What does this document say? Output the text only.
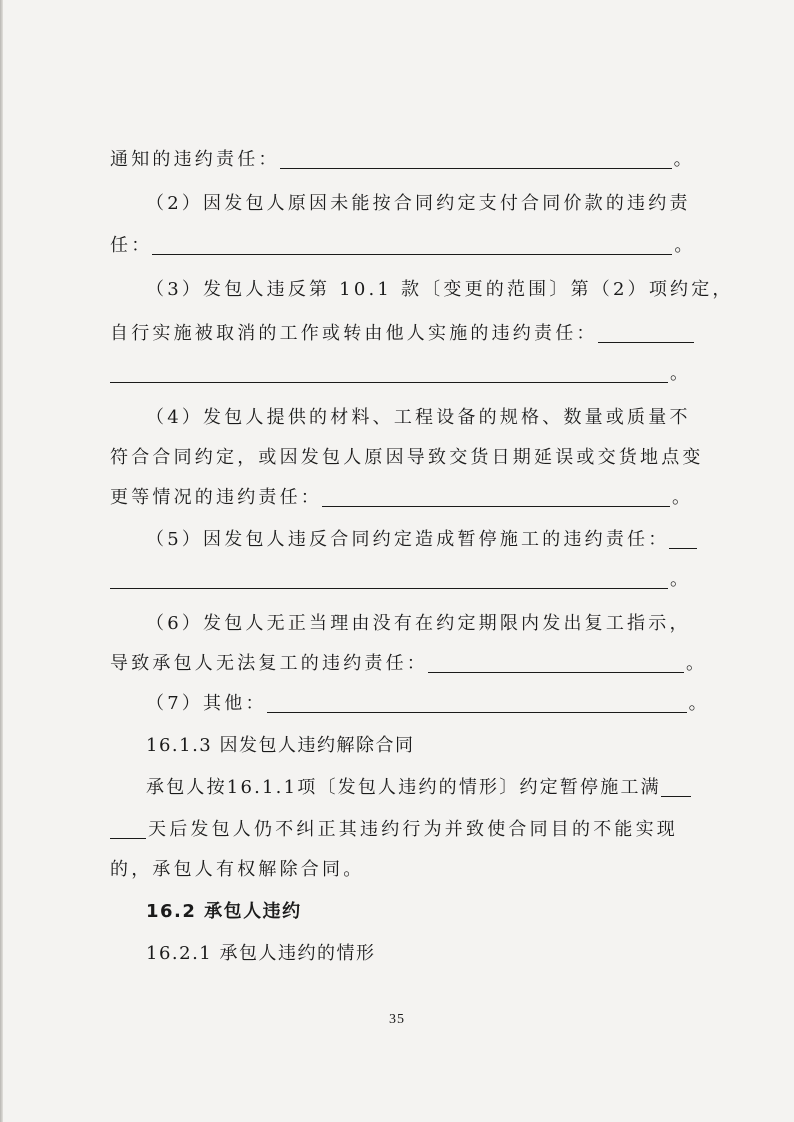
通知的违约责任：	。
（2）因发包人原因未能按合同约定支付合同价款的违约责
任：	。
（3）发包人违反第 10.1 款〔变更的范围〕第（2）项约定，
自行实施被取消的工作或转由他人实施的违约责任：
。
（4）发包人提供的材料、工程设备的规格、数量或质量不
符合合同约定，或因发包人原因导致交货日期延误或交货地点变
更等情况的违约责任：	。
（5）因发包人违反合同约定造成暂停施工的违约责任：
。
（6）发包人无正当理由没有在约定期限内发出复工指示，
导致承包人无法复工的违约责任：	。
（7）其他：	。
16.1.3 因发包人违约解除合同
承包人按16.1.1项〔发包人违约的情形〕约定暂停施工满
天后发包人仍不纠正其违约行为并致使合同目的不能实现
的，承包人有权解除合同。
16.2 承包人违约
16.2.1 承包人违约的情形
35
